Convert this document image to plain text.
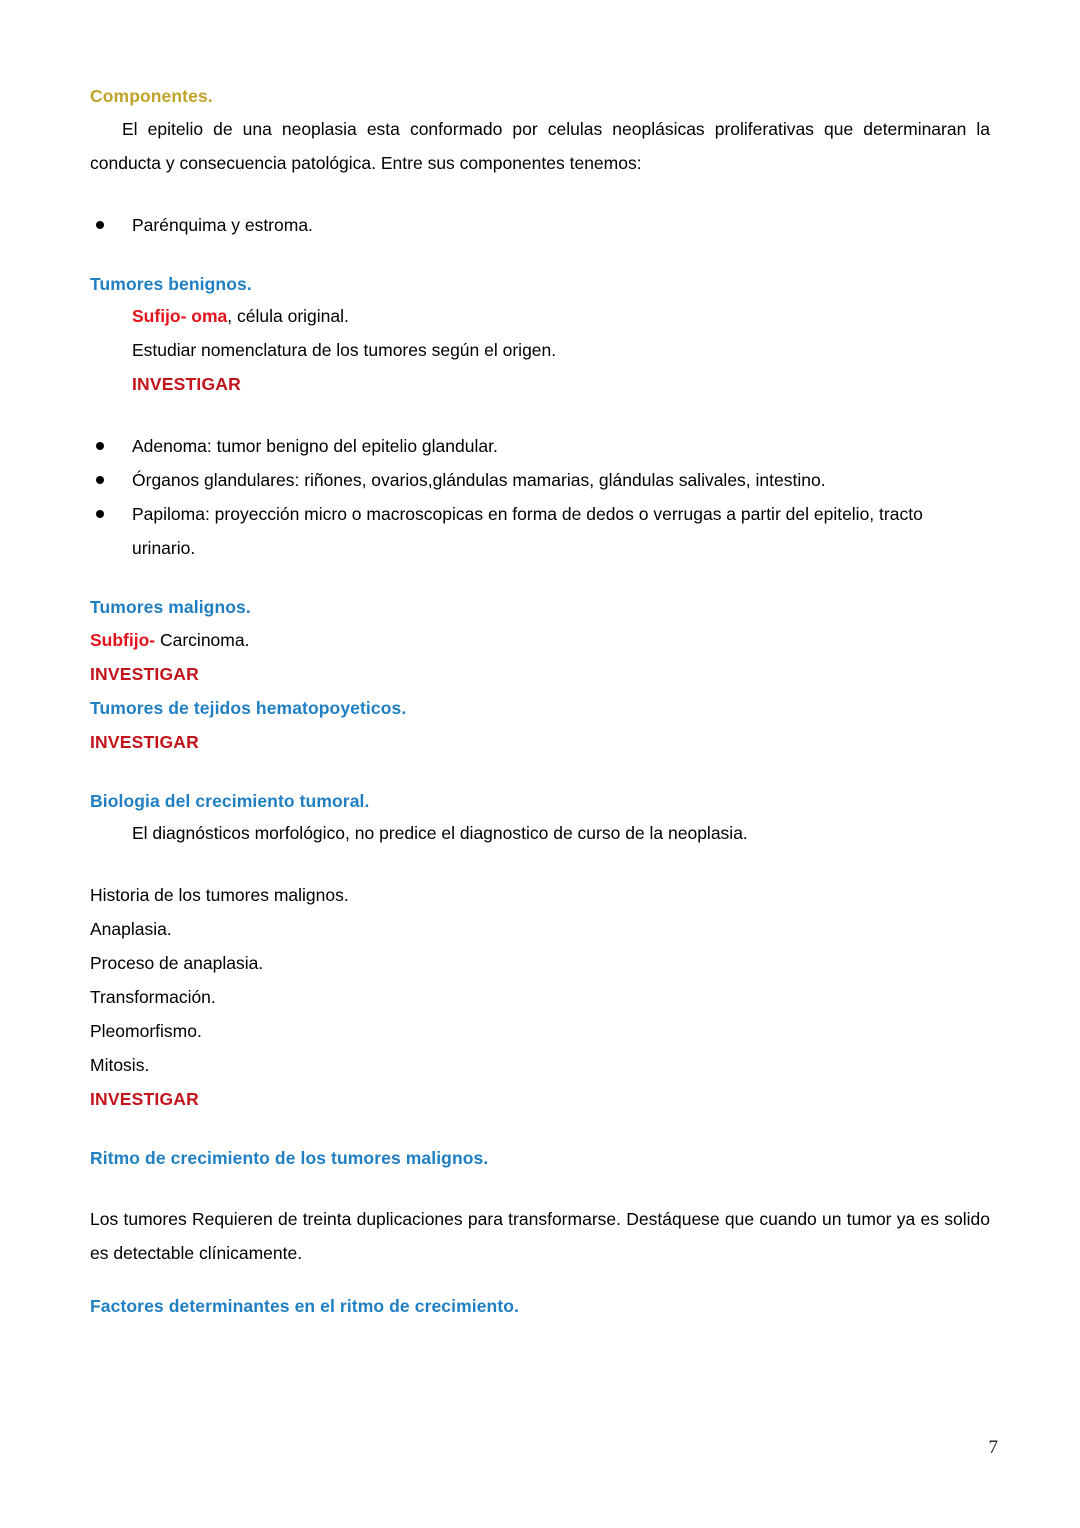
Componentes.

El epitelio de una neoplasia esta conformado por celulas neoplásicas proliferativas que determinaran la conducta y consecuencia patológica. Entre sus componentes tenemos:

Parénquima y estroma.
Tumores benignos.
Sufijo- oma, célula original.
Estudiar nomenclatura de los tumores según el origen.
INVESTIGAR
Adenoma: tumor benigno del epitelio glandular.
Órganos glandulares: riñones, ovarios,glándulas mamarias, glándulas salivales, intestino.
Papiloma: proyección micro o macroscopicas en forma de dedos o verrugas a partir del epitelio, tracto urinario.
Tumores malignos.
Subfijo- Carcinoma.
INVESTIGAR
Tumores de tejidos hematopoyeticos.
INVESTIGAR
Biologia del crecimiento tumoral.

El diagnósticos morfológico, no predice el diagnostico de curso de la neoplasia.

Historia de los tumores malignos.
Anaplasia.
Proceso de anaplasia.
Transformación.
Pleomorfismo.
Mitosis.
INVESTIGAR
Ritmo de crecimiento de los tumores malignos.

Los tumores Requieren de treinta duplicaciones para transformarse. Destáquese que cuando un tumor ya es solido es detectable clínicamente.

Factores determinantes en el ritmo de crecimiento.
7
